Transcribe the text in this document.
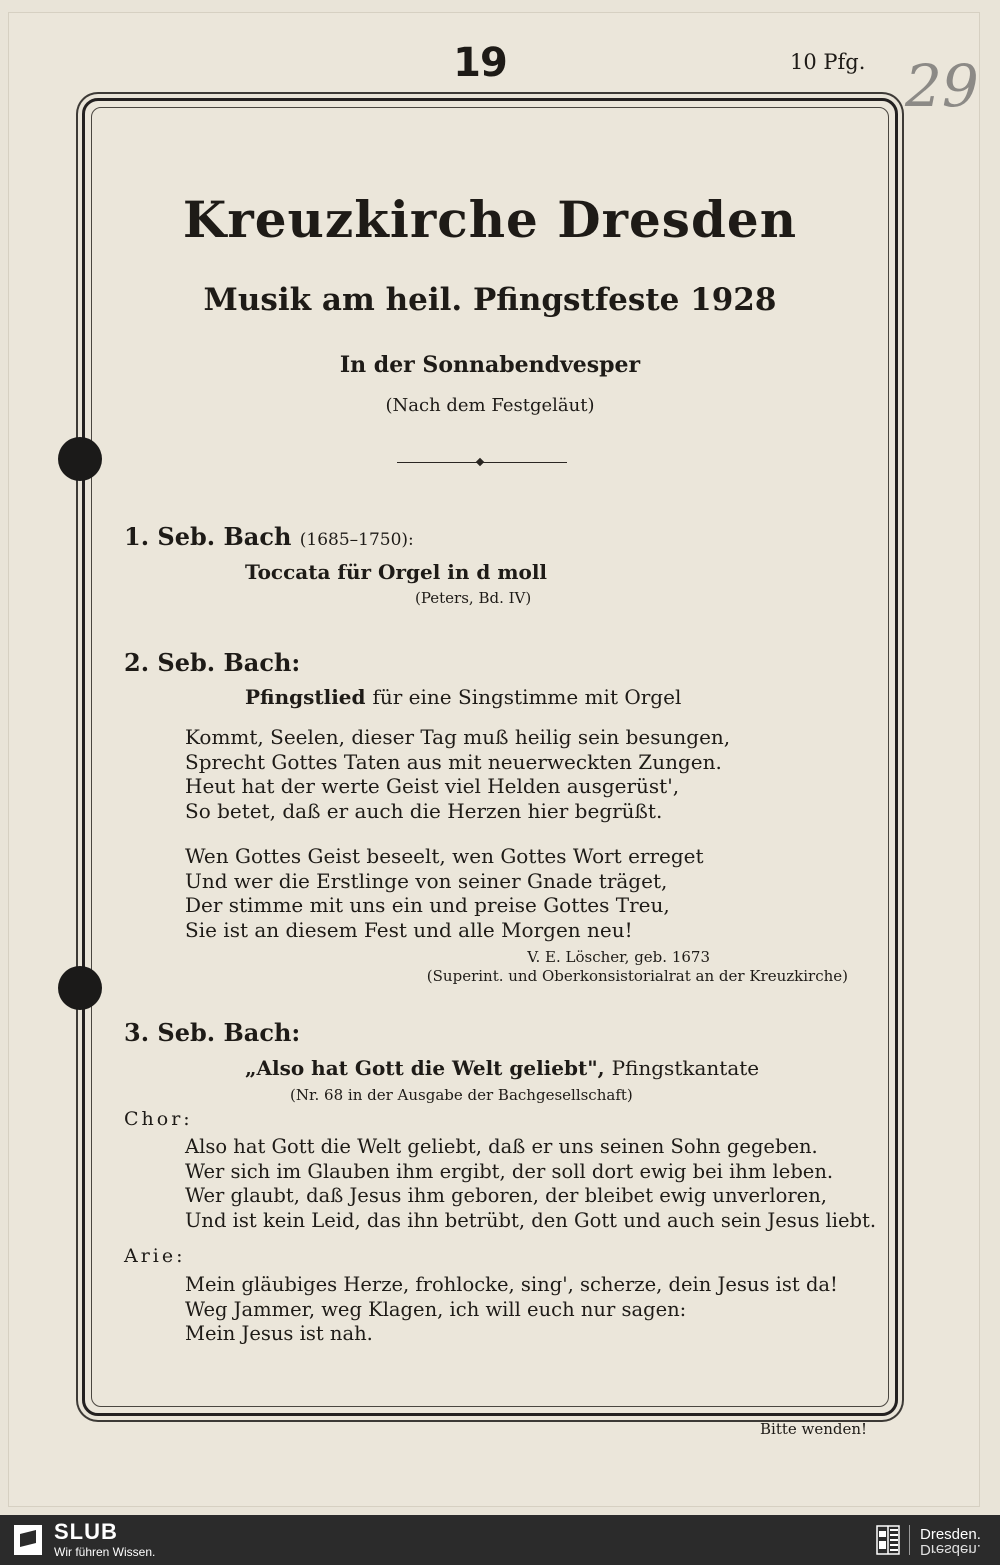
19	10 Pfg. 29
Kreuzkirche Dresden
Musik am heil. Pfingstfeste 1928
In der Sonnabendvesper
(Nach dem Festgeläut)
1. Seb. Bach (1685–1750):
Toccata für Orgel in d moll
(Peters, Bd. IV)
2. Seb. Bach:
Pfingstlied für eine Singstimme mit Orgel
Kommt, Seelen, dieser Tag muß heilig sein besungen,
Sprecht Gottes Taten aus mit neuerweckten Zungen.
Heut hat der werte Geist viel Helden ausgerüst',
So betet, daß er auch die Herzen hier begrüßt.
Wen Gottes Geist beseelt, wen Gottes Wort erreget
Und wer die Erstlinge von seiner Gnade träget,
Der stimme mit uns ein und preise Gottes Treu,
Sie ist an diesem Fest und alle Morgen neu!
V. E. Löscher, geb. 1673
(Superint. und Oberkonsistorialrat an der Kreuzkirche)
3. Seb. Bach:
„Also hat Gott die Welt geliebt", Pfingstkantate
(Nr. 68 in der Ausgabe der Bachgesellschaft)
Chor:
Also hat Gott die Welt geliebt, daß er uns seinen Sohn gegeben.
Wer sich im Glauben ihm ergibt, der soll dort ewig bei ihm leben.
Wer glaubt, daß Jesus ihm geboren, der bleibet ewig unverloren,
Und ist kein Leid, das ihn betrübt, den Gott und auch sein Jesus liebt.
Arie:
Mein gläubiges Herze, frohlocke, sing', scherze, dein Jesus ist da!
Weg Jammer, weg Klagen, ich will euch nur sagen:
Mein Jesus ist nah.
Bitte wenden!
SLUB
Wir führen Wissen.
Dresden.
Dresden.
